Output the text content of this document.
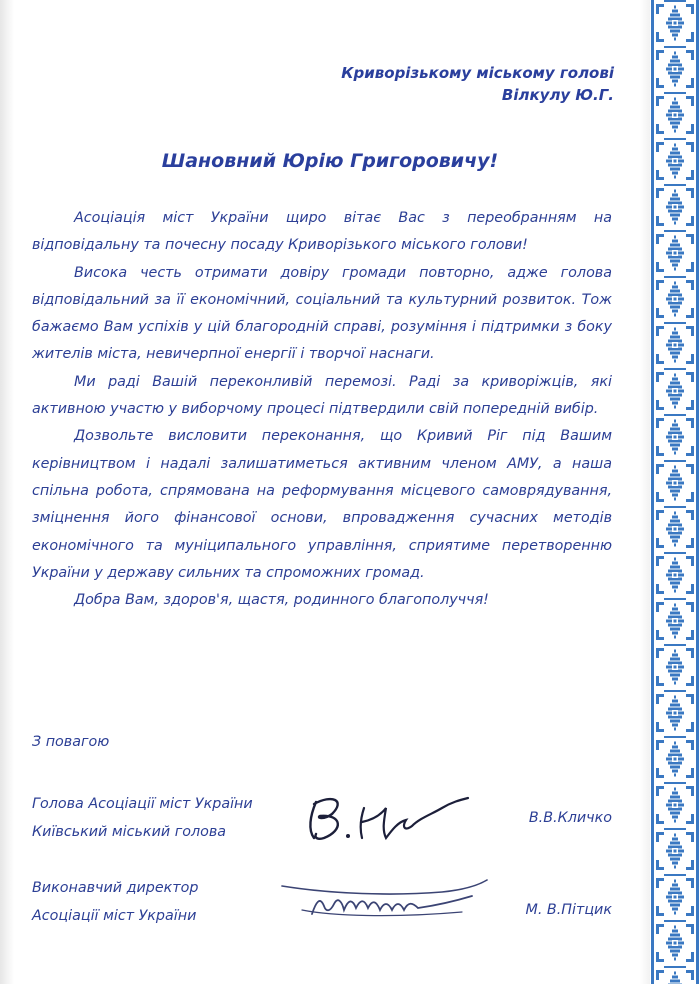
Криворізькому міському голові
Вілкулу Ю.Г.
Шановний Юрію Григоровичу!

Асоціація міст України щиро вітає Вас з переобранням на відповідальну та почесну посаду Криворізького міського голови!

Висока честь отримати довіру громади повторно, адже голова відповідальний за її економічний, соціальний та культурний розвиток. Тож бажаємо Вам успіхів у цій благородній справі, розуміння і підтримки з боку жителів міста, невичерпної енергії і творчої наснаги.

Ми раді Вашій переконливій перемозі. Раді за криворіжців, які активною участю у виборчому процесі підтвердили свій попередній вибір.

Дозвольте висловити переконання, що Кривий Ріг під Вашим керівництвом і надалі залишатиметься активним членом АМУ, а наша спільна робота, спрямована на реформування місцевого самоврядування, зміцнення його фінансової основи, впровадження сучасних методів економічного та муніципального управління, сприятиме перетворенню України у державу сильних та спроможних громад.

Добра Вам, здоров'я, щастя, родинного благополуччя!

З повагою
Голова Асоціації міст України
Київський міський голова
В.В.Кличко
Виконавчий директор
Асоціації міст України	М. В.Пітцик
